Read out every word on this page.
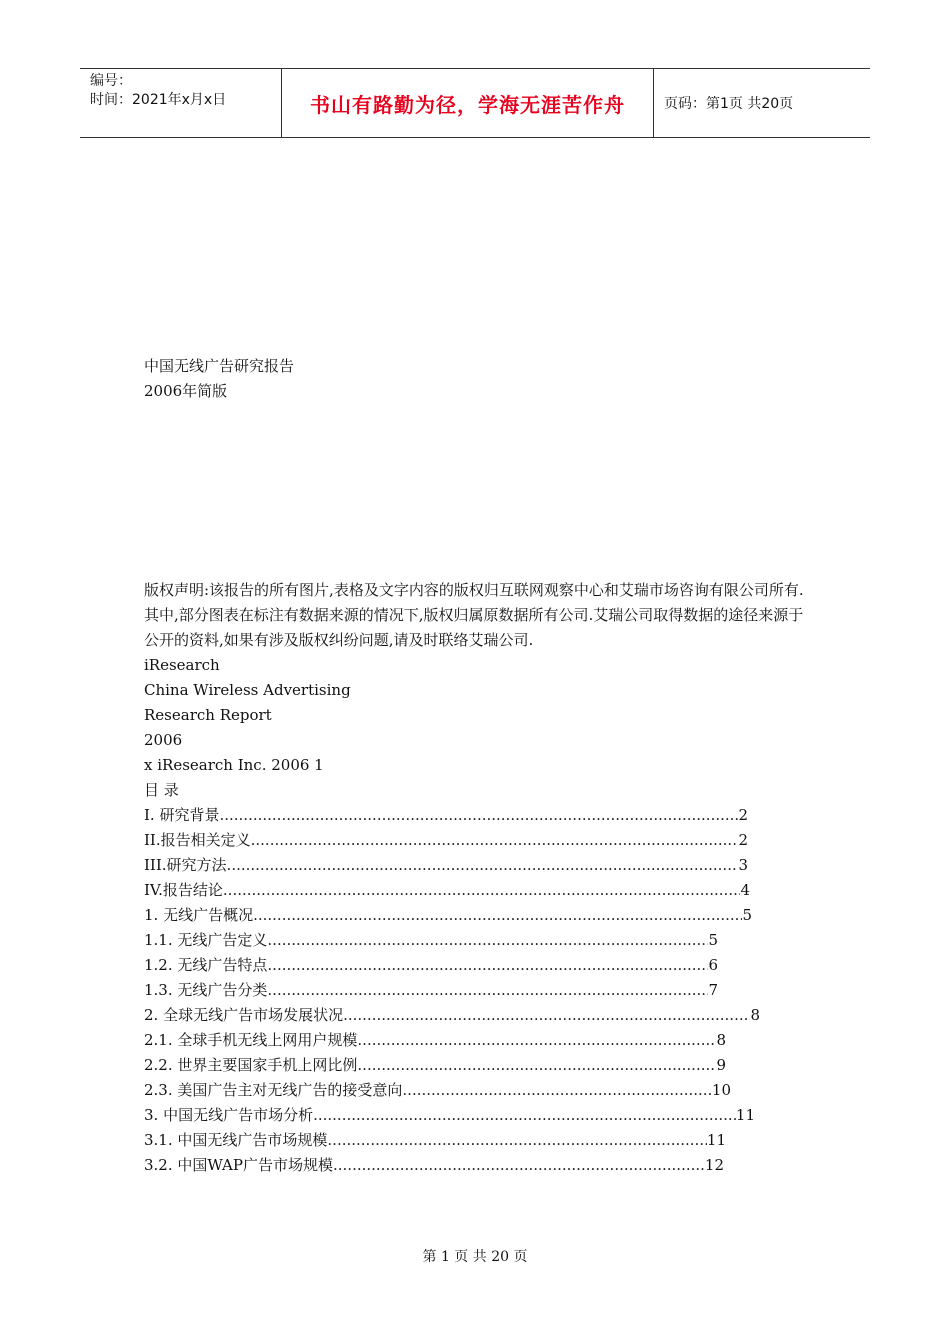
编号：
时间：2021年x月x日	书山有路勤为径，学海无涯苦作舟	页码：第1页 共20页
中国无线广告研究报告
2006年简版
版权声明:该报告的所有图片,表格及文字内容的版权归互联网观察中心和艾瑞市场咨询有限公司所有.
其中,部分图表在标注有数据来源的情况下,版权归属原数据所有公司.艾瑞公司取得数据的途径来源于
公开的资料,如果有涉及版权纠纷问题,请及时联络艾瑞公司.
iResearch
China Wireless Advertising
Research Report
2006
x iResearch Inc. 2006 1
目 录
I. 研究背景 .....	2
II.报告相关定义 .....	2
III.研究方法 .....	3
IV.报告结论 .....	4
1. 无线广告概况 .....	5
1.1. 无线广告定义 .....	5
1.2. 无线广告特点 .....	6
1.3. 无线广告分类 .....	7
2. 全球无线广告市场发展状况 .....	8
2.1. 全球手机无线上网用户规模 .....	8
2.2. 世界主要国家手机上网比例 .....	9
2.3. 美国广告主对无线广告的接受意向 .....	10
3. 中国无线广告市场分析 .....	11
3.1. 中国无线广告市场规模 .....	11
3.2. 中国WAP广告市场规模 .....	12
第 1 页 共 20 页
